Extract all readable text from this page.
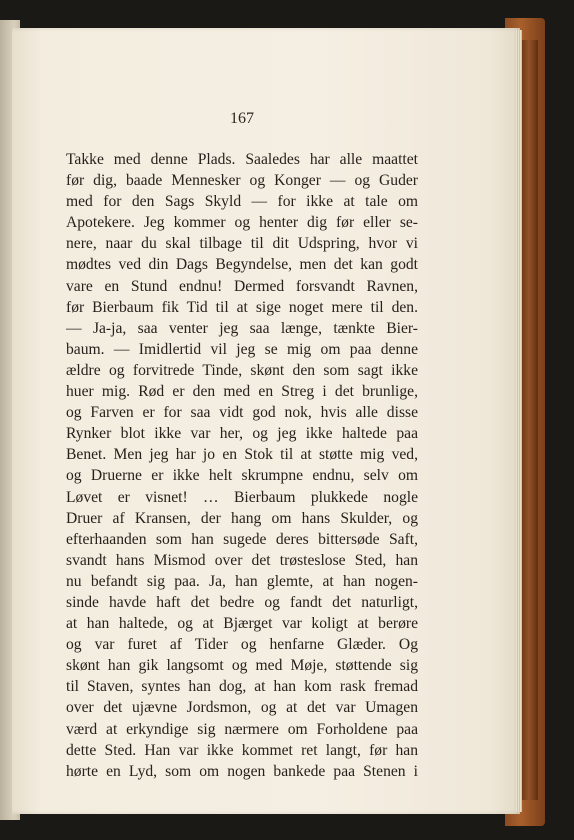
167
Takke med denne Plads. Saaledes har alle maattet
før dig, baade Mennesker og Konger — og Guder
med for den Sags Skyld — for ikke at tale om
Apotekere. Jeg kommer og henter dig før eller se-
nere, naar du skal tilbage til dit Udspring, hvor vi
mødtes ved din Dags Begyndelse, men det kan godt
vare en Stund endnu! Dermed forsvandt Ravnen,
før Bierbaum fik Tid til at sige noget mere til den.
— Ja-ja, saa venter jeg saa længe, tænkte Bier-
baum. — Imidlertid vil jeg se mig om paa denne
ældre og forvitrede Tinde, skønt den som sagt ikke
huer mig. Rød er den med en Streg i det brunlige,
og Farven er for saa vidt god nok, hvis alle disse
Rynker blot ikke var her, og jeg ikke haltede paa
Benet. Men jeg har jo en Stok til at støtte mig ved,
og Druerne er ikke helt skrumpne endnu, selv om
Løvet er visnet! … Bierbaum plukkede nogle
Druer af Kransen, der hang om hans Skulder, og
efterhaanden som han sugede deres bittersøde Saft,
svandt hans Mismod over det trøsteslose Sted, han
nu befandt sig paa. Ja, han glemte, at han nogen-
sinde havde haft det bedre og fandt det naturligt,
at han haltede, og at Bjærget var koligt at berøre
og var furet af Tider og henfarne Glæder. Og
skønt han gik langsomt og med Møje, støttende sig
til Staven, syntes han dog, at han kom rask fremad
over det ujævne Jordsmon, og at det var Umagen
værd at erkyndige sig nærmere om Forholdene paa
dette Sted. Han var ikke kommet ret langt, før han
hørte en Lyd, som om nogen bankede paa Stenen i
